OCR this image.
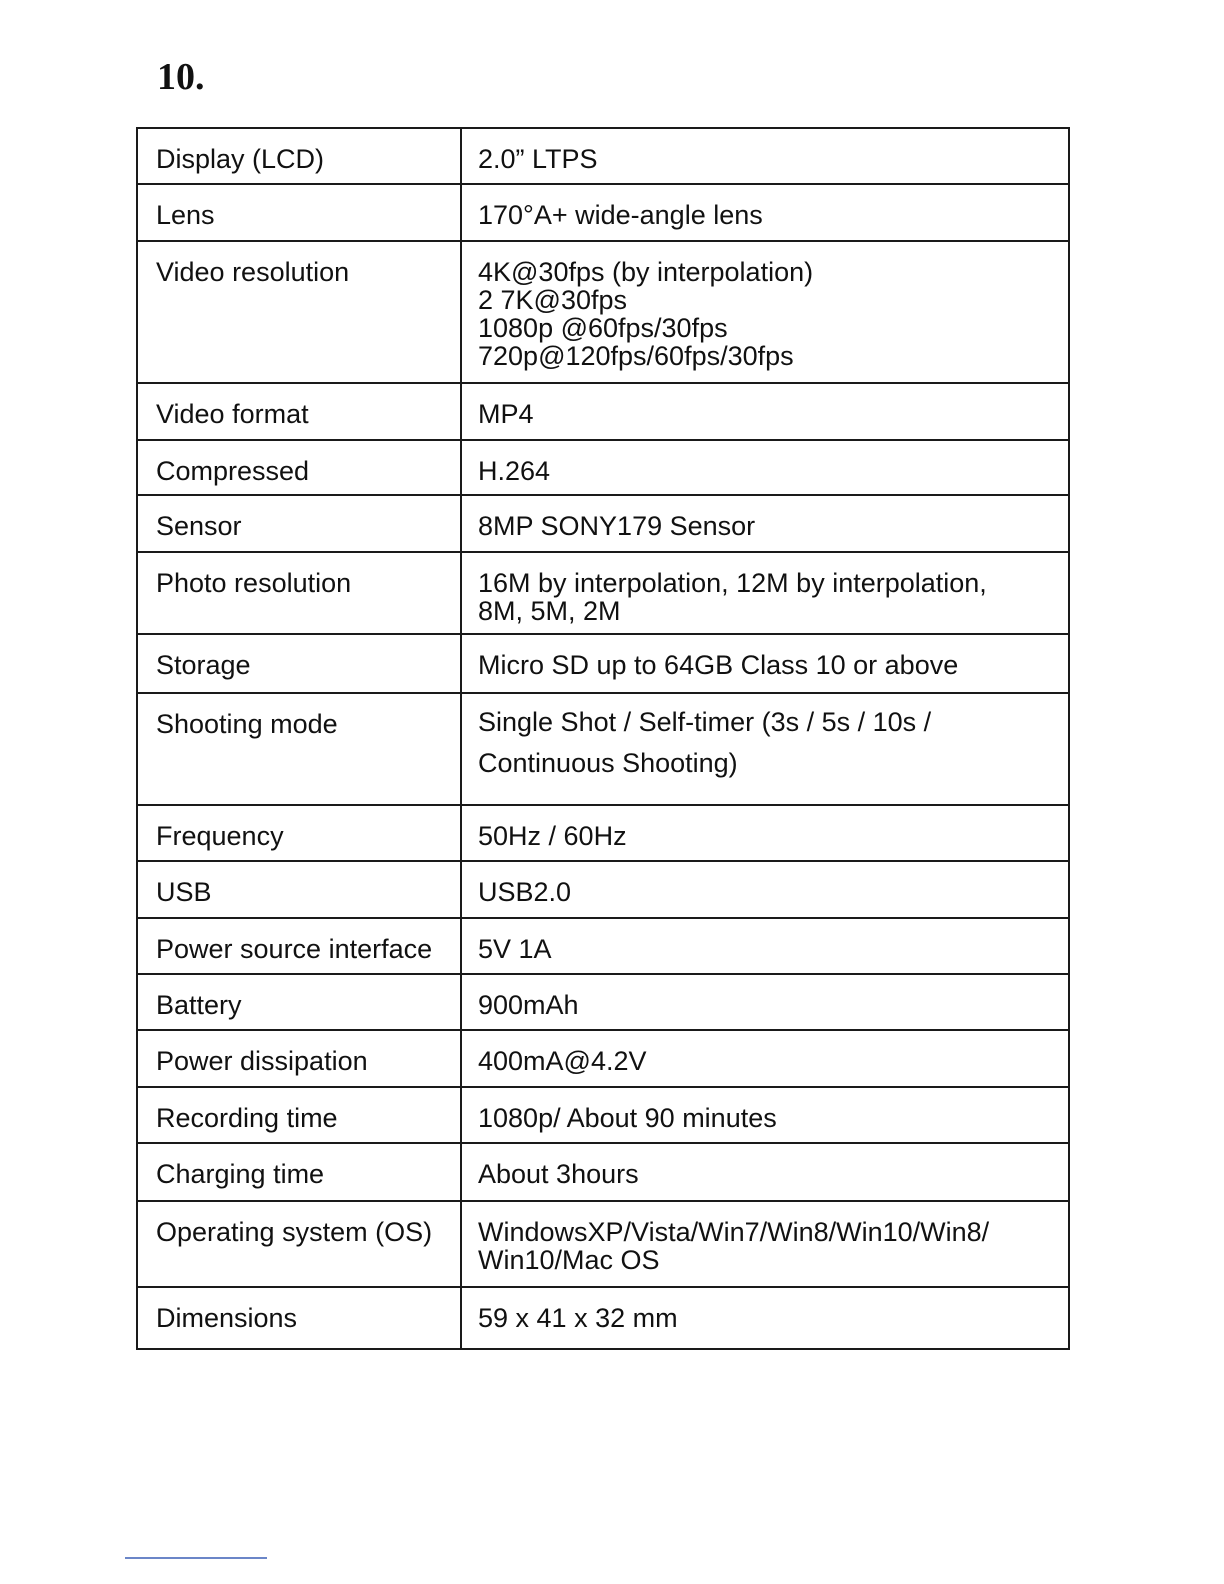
10.
Display (LCD)	2.0” LTPS

Lens	170°A+ wide-angle lens

Video resolution	4K@30fps (by interpolation)
2 7K@30fps
1080p @60fps/30fps
720p@120fps/60fps/30fps

Video format	MP4

Compressed	H.264

Sensor	8MP SONY179 Sensor

Photo resolution	16M by interpolation, 12M by interpolation,
8M, 5M, 2M

Storage	Micro SD up to 64GB Class 10 or above

Shooting mode	Single Shot / Self-timer (3s / 5s / 10s /
Continuous Shooting)

Frequency	50Hz / 60Hz

USB	USB2.0

Power source interface	5V 1A

Battery	900mAh

Power dissipation	400mA@4.2V

Recording time	1080p/ About 90 minutes

Charging time	About 3hours

Operating system (OS)	WindowsXP/Vista/Win7/Win8/Win10/Win8/
Win10/Mac OS

Dimensions	59 x 41 x 32 mm
